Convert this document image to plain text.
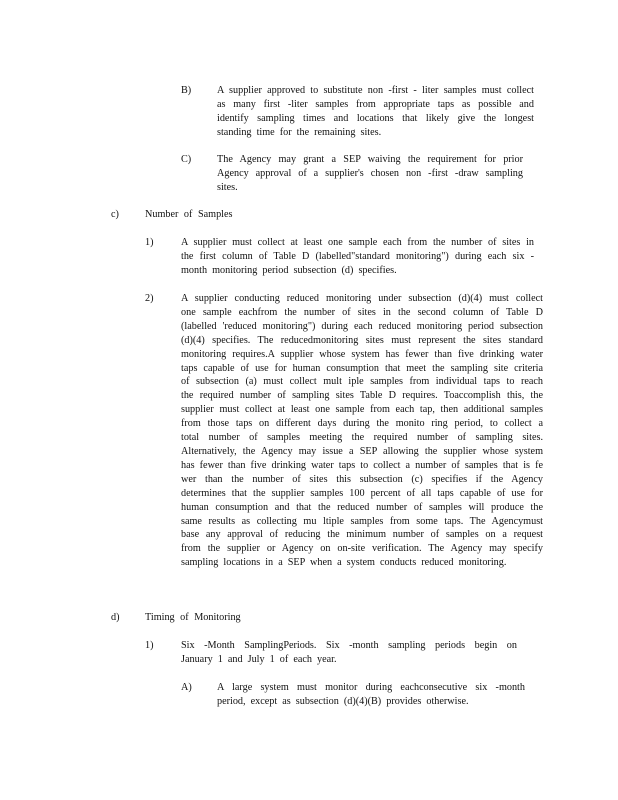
B)	A supplier approved to substitute non -first - liter samples must collect as many first -liter samples from appropriate taps as possible and identify sampling times and locations that likely give the longest standing time for the remaining sites.
C)	The Agency may grant a SEP waiving the requirement for prior Agency approval of a supplier's chosen non -first -draw sampling sites.
c)	Number of Samples
1)	A supplier must collect at least one sample each from the number of sites in the first column of Table D (labelled"standard monitoring") during each six -month monitoring period subsection (d) specifies.
2)	A supplier conducting reduced monitoring under subsection (d)(4) must collect one sample eachfrom the number of sites in the second column of Table D (labelled 'reduced monitoring") during each reduced monitoring period subsection (d)(4) specifies. The reducedmonitoring sites must represent the sites standard monitoring requires.A supplier whose system has fewer than five drinking water taps capable of use for human consumption that meet the sampling site criteria of subsection (a) must collect mult iple samples from individual taps to reach the required number of sampling sites Table D requires. Toaccomplish this, the supplier must collect at least one sample from each tap, then additional samples from those taps on different days during the monito ring period, to collect a total number of samples meeting the required number of sampling sites. Alternatively, the Agency may issue a SEP allowing the supplier whose system has fewer than five drinking water taps to collect a number of samples that is fe wer than the number of sites this subsection (c) specifies if the Agency determines that the supplier samples 100 percent of all taps capable of use for human consumption and that the reduced number of samples will produce the same results as collecting mu ltiple samples from some taps. The Agencymust base any approval of reducing the minimum number of samples on a request from the supplier or Agency on on-site verification. The Agency may specify sampling locations in a SEP when a system conducts reduced monitoring.
d)	Timing of Monitoring
1)	Six -Month SamplingPeriods. Six -month sampling periods begin on January 1 and July 1 of each year.
A) A large system must monitor during eachconsecutive six -month period, except as subsection (d)(4)(B) provides otherwise.
